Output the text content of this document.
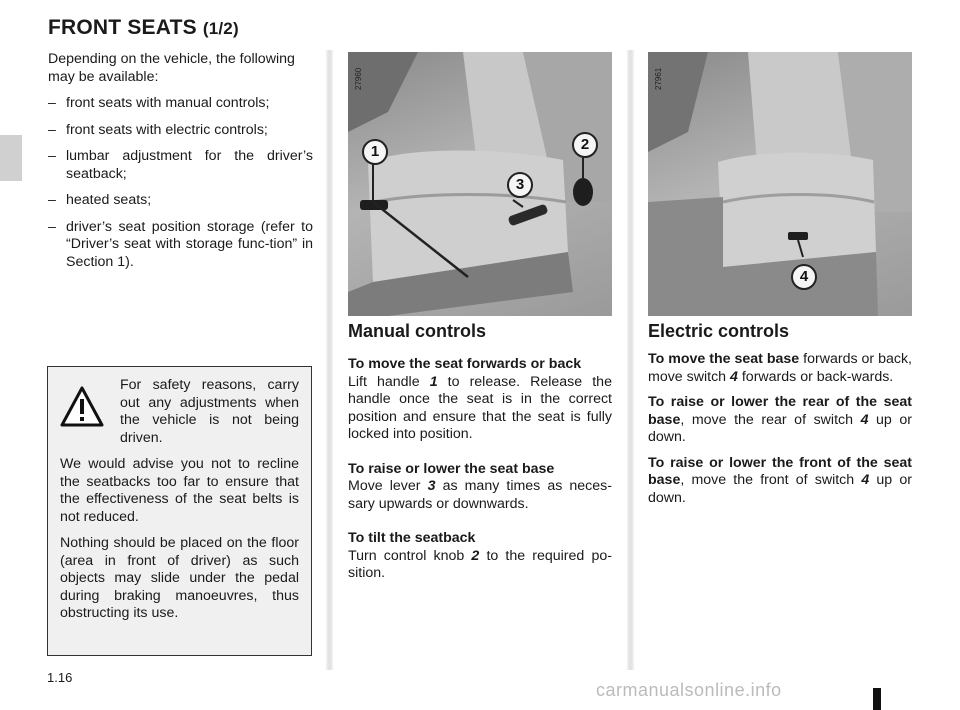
FRONT SEATS (1/2)

Depending on the vehicle, the following may be available:

– front seats with manual controls;
– front seats with electric controls;
– lumbar adjustment for the driver’s seatback;
– heated seats;
– driver’s seat position storage (refer to “Driver’s seat with storage func-tion” in Section 1).

For safety reasons, carry out any adjustments when the vehicle is not being driven.

We would advise you not to recline the seatbacks too far to ensure that the effectiveness of the seat belts is not reduced.

Nothing should be placed on the floor (area in front of driver) as such objects may slide under the pedal during braking manoeuvres, thus obstructing its use.

27960
1	2
3
27961
4
Manual controls

To move the seat forwards or back
Lift handle 1 to release. Release the handle once the seat is in the correct position and ensure that the seat is fully locked into position.

To raise or lower the seat base
Move lever 3 as many times as neces-sary upwards or downwards.

To tilt the seatback
Turn control knob 2 to the required po-sition.

Electric controls

To move the seat base forwards or back, move switch 4 forwards or back-wards.

To raise or lower the rear of the seat base, move the rear of switch 4 up or down.

To raise or lower the front of the seat base, move the front of switch 4 up or down.

1.16
carmanualsonline.info
